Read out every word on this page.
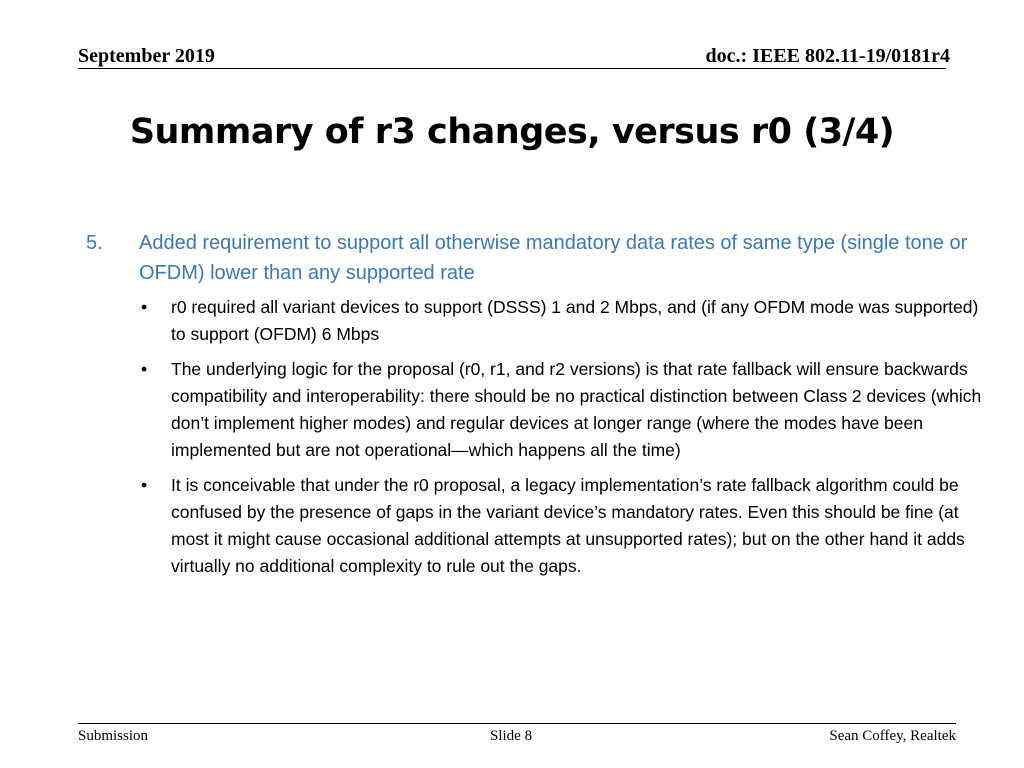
September 2019	doc.: IEEE 802.11-19/0181r4
Summary of r3 changes, versus r0 (3/4)
5.	Added requirement to support all otherwise mandatory data rates of same type (single tone or OFDM) lower than any supported rate
•	r0 required all variant devices to support (DSSS) 1 and 2 Mbps, and (if any OFDM mode was supported) to support (OFDM) 6 Mbps
•	The underlying logic for the proposal (r0, r1, and r2 versions) is that rate fallback will ensure backwards compatibility and interoperability: there should be no practical distinction between Class 2 devices (which don’t implement higher modes) and regular devices at longer range (where the modes have been implemented but are not operational—which happens all the time)
•	It is conceivable that under the r0 proposal, a legacy implementation’s rate fallback algorithm could be confused by the presence of gaps in the variant device’s mandatory rates. Even this should be fine (at most it might cause occasional additional attempts at unsupported rates); but on the other hand it adds virtually no additional complexity to rule out the gaps.
Submission	Slide 8	Sean Coffey, Realtek
